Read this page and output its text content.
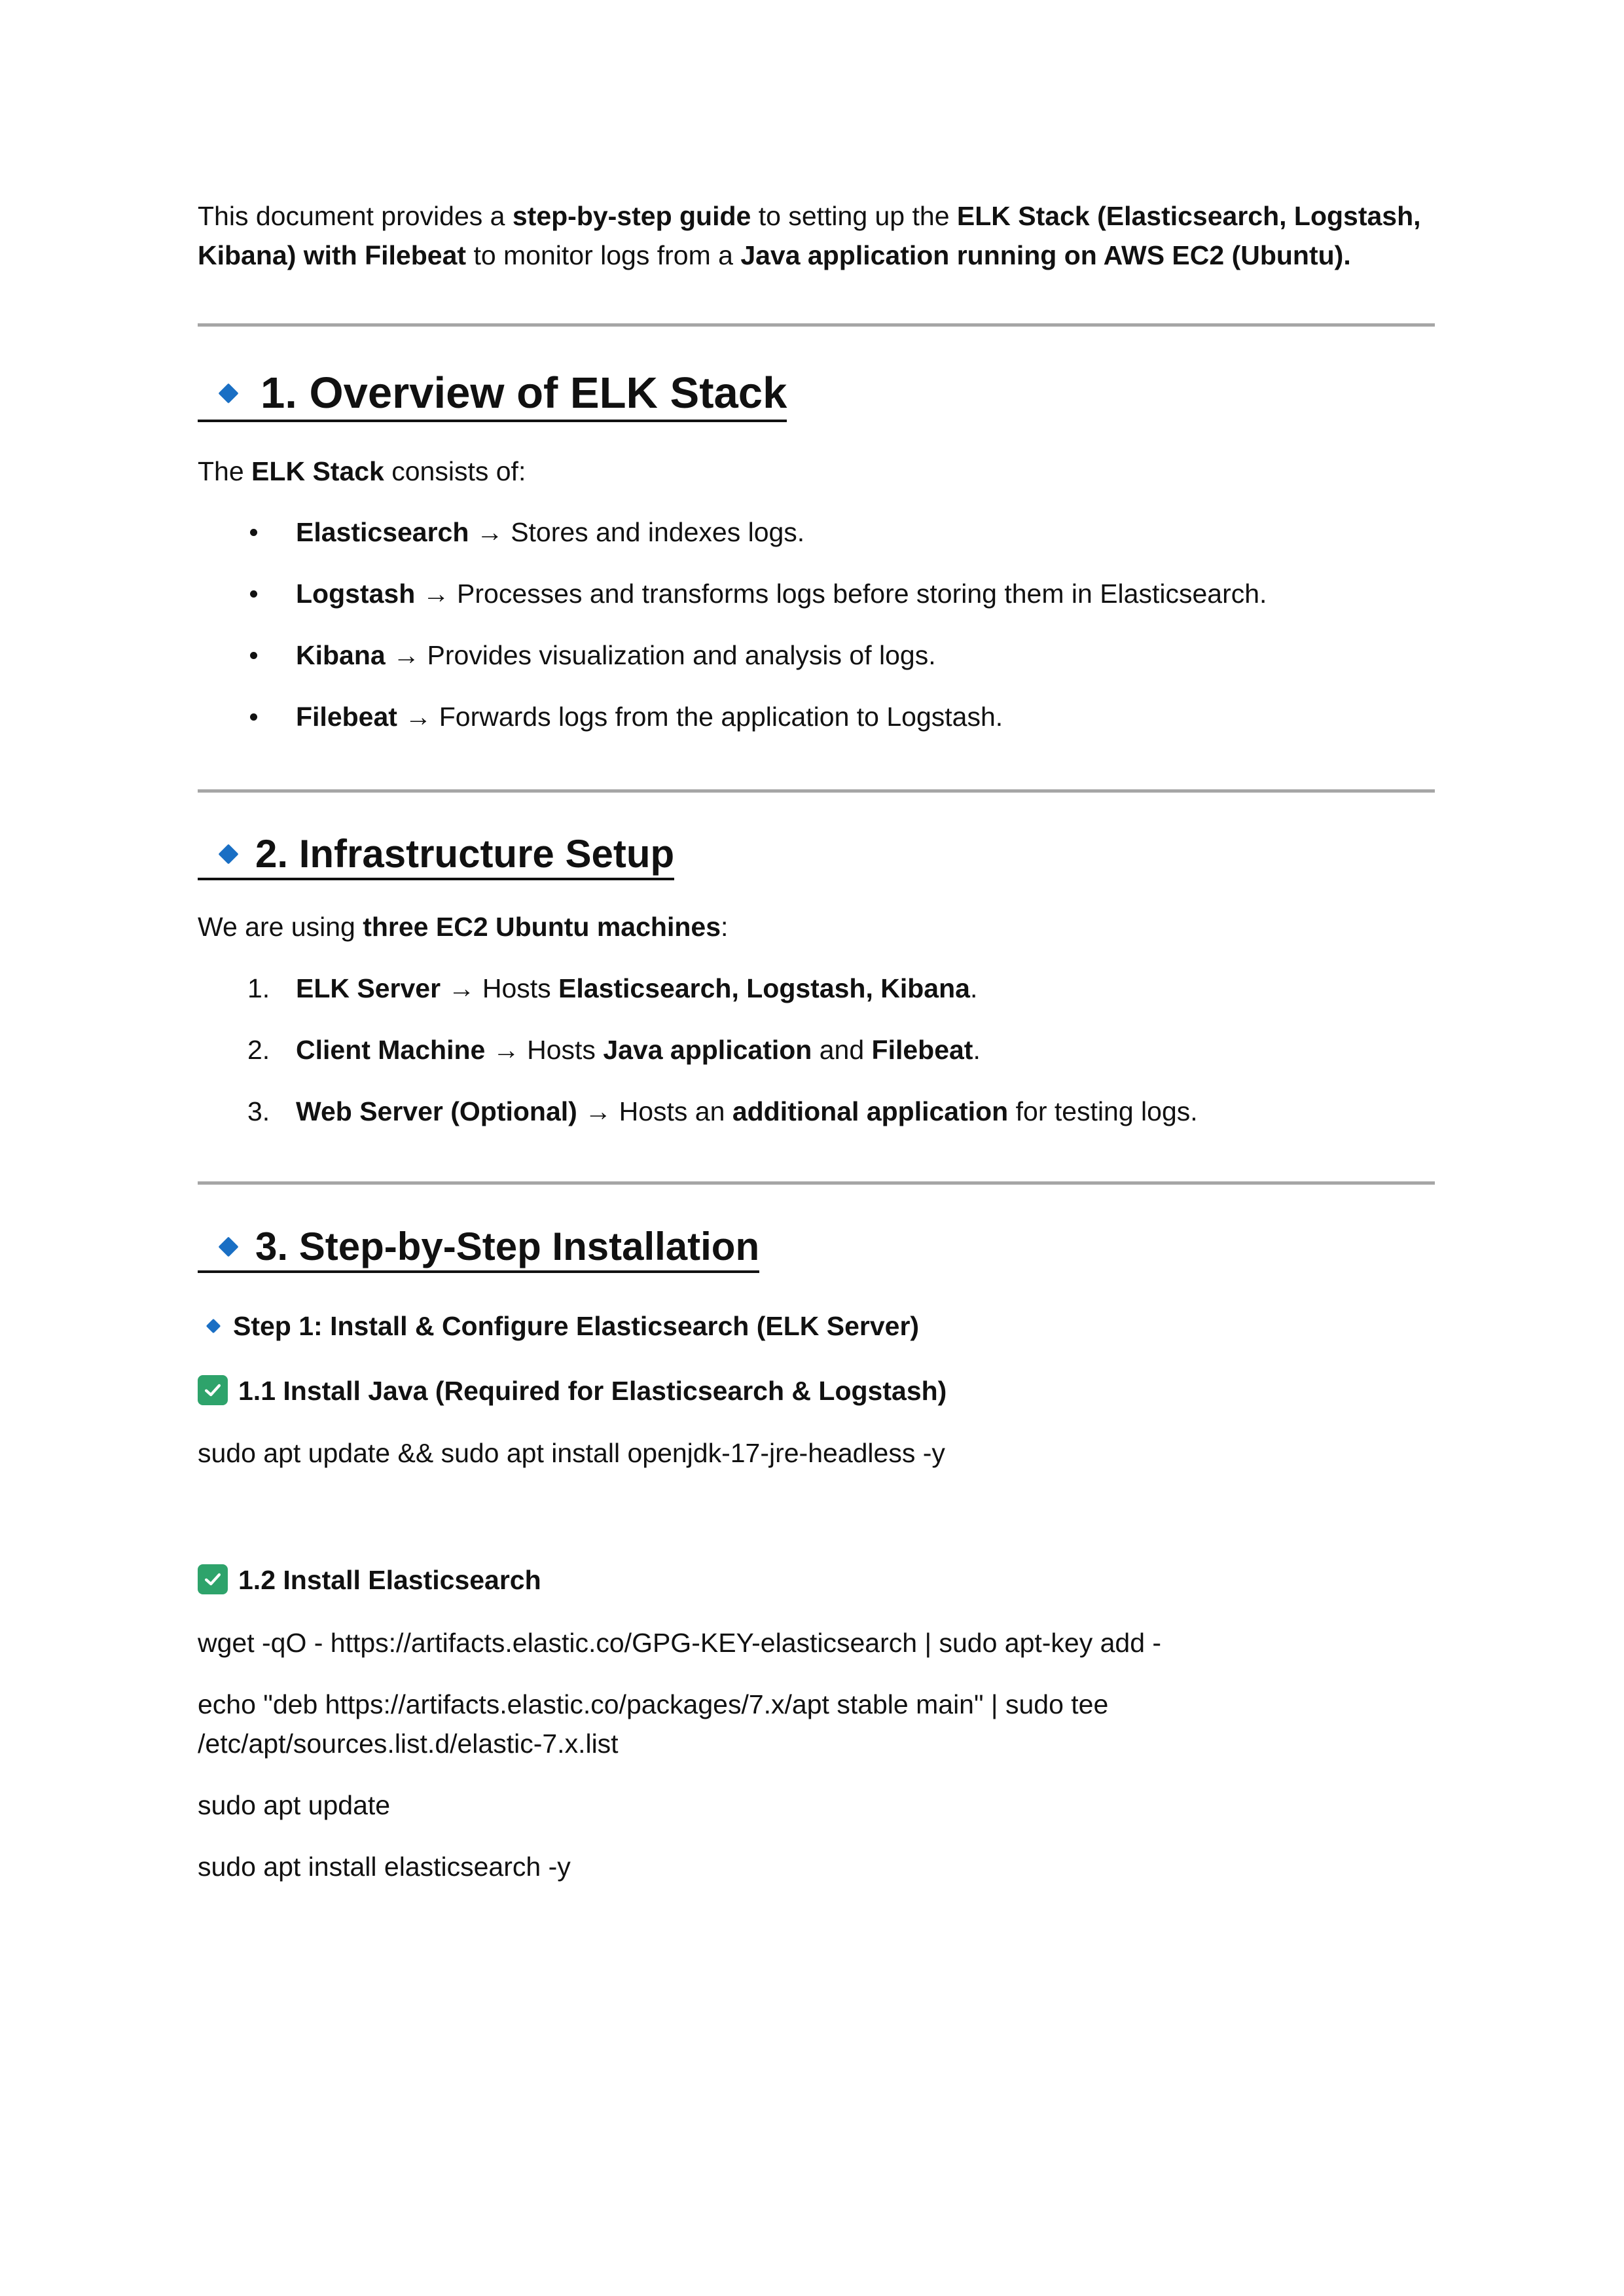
This document provides a step-by-step guide to setting up the ELK Stack (Elasticsearch, Logstash, Kibana) with Filebeat to monitor logs from a Java application running on AWS EC2 (Ubuntu).

1. Overview of ELK Stack

The ELK Stack consists of:

Elasticsearch → Stores and indexes logs.
Logstash → Processes and transforms logs before storing them in Elasticsearch.
Kibana → Provides visualization and analysis of logs.
Filebeat → Forwards logs from the application to Logstash.
2. Infrastructure Setup

We are using three EC2 Ubuntu machines:

1. ELK Server → Hosts Elasticsearch, Logstash, Kibana.
2. Client Machine → Hosts Java application and Filebeat.
3. Web Server (Optional) → Hosts an additional application for testing logs.
3. Step-by-Step Installation
Step 1: Install & Configure Elasticsearch (ELK Server)
1.1 Install Java (Required for Elasticsearch & Logstash)

sudo apt update && sudo apt install openjdk-17-jre-headless -y

1.2 Install Elasticsearch

wget -qO - https://artifacts.elastic.co/GPG-KEY-elasticsearch | sudo apt-key add -

echo "deb https://artifacts.elastic.co/packages/7.x/apt stable main" | sudo tee /etc/apt/sources.list.d/elastic-7.x.list

sudo apt update

sudo apt install elasticsearch -y
